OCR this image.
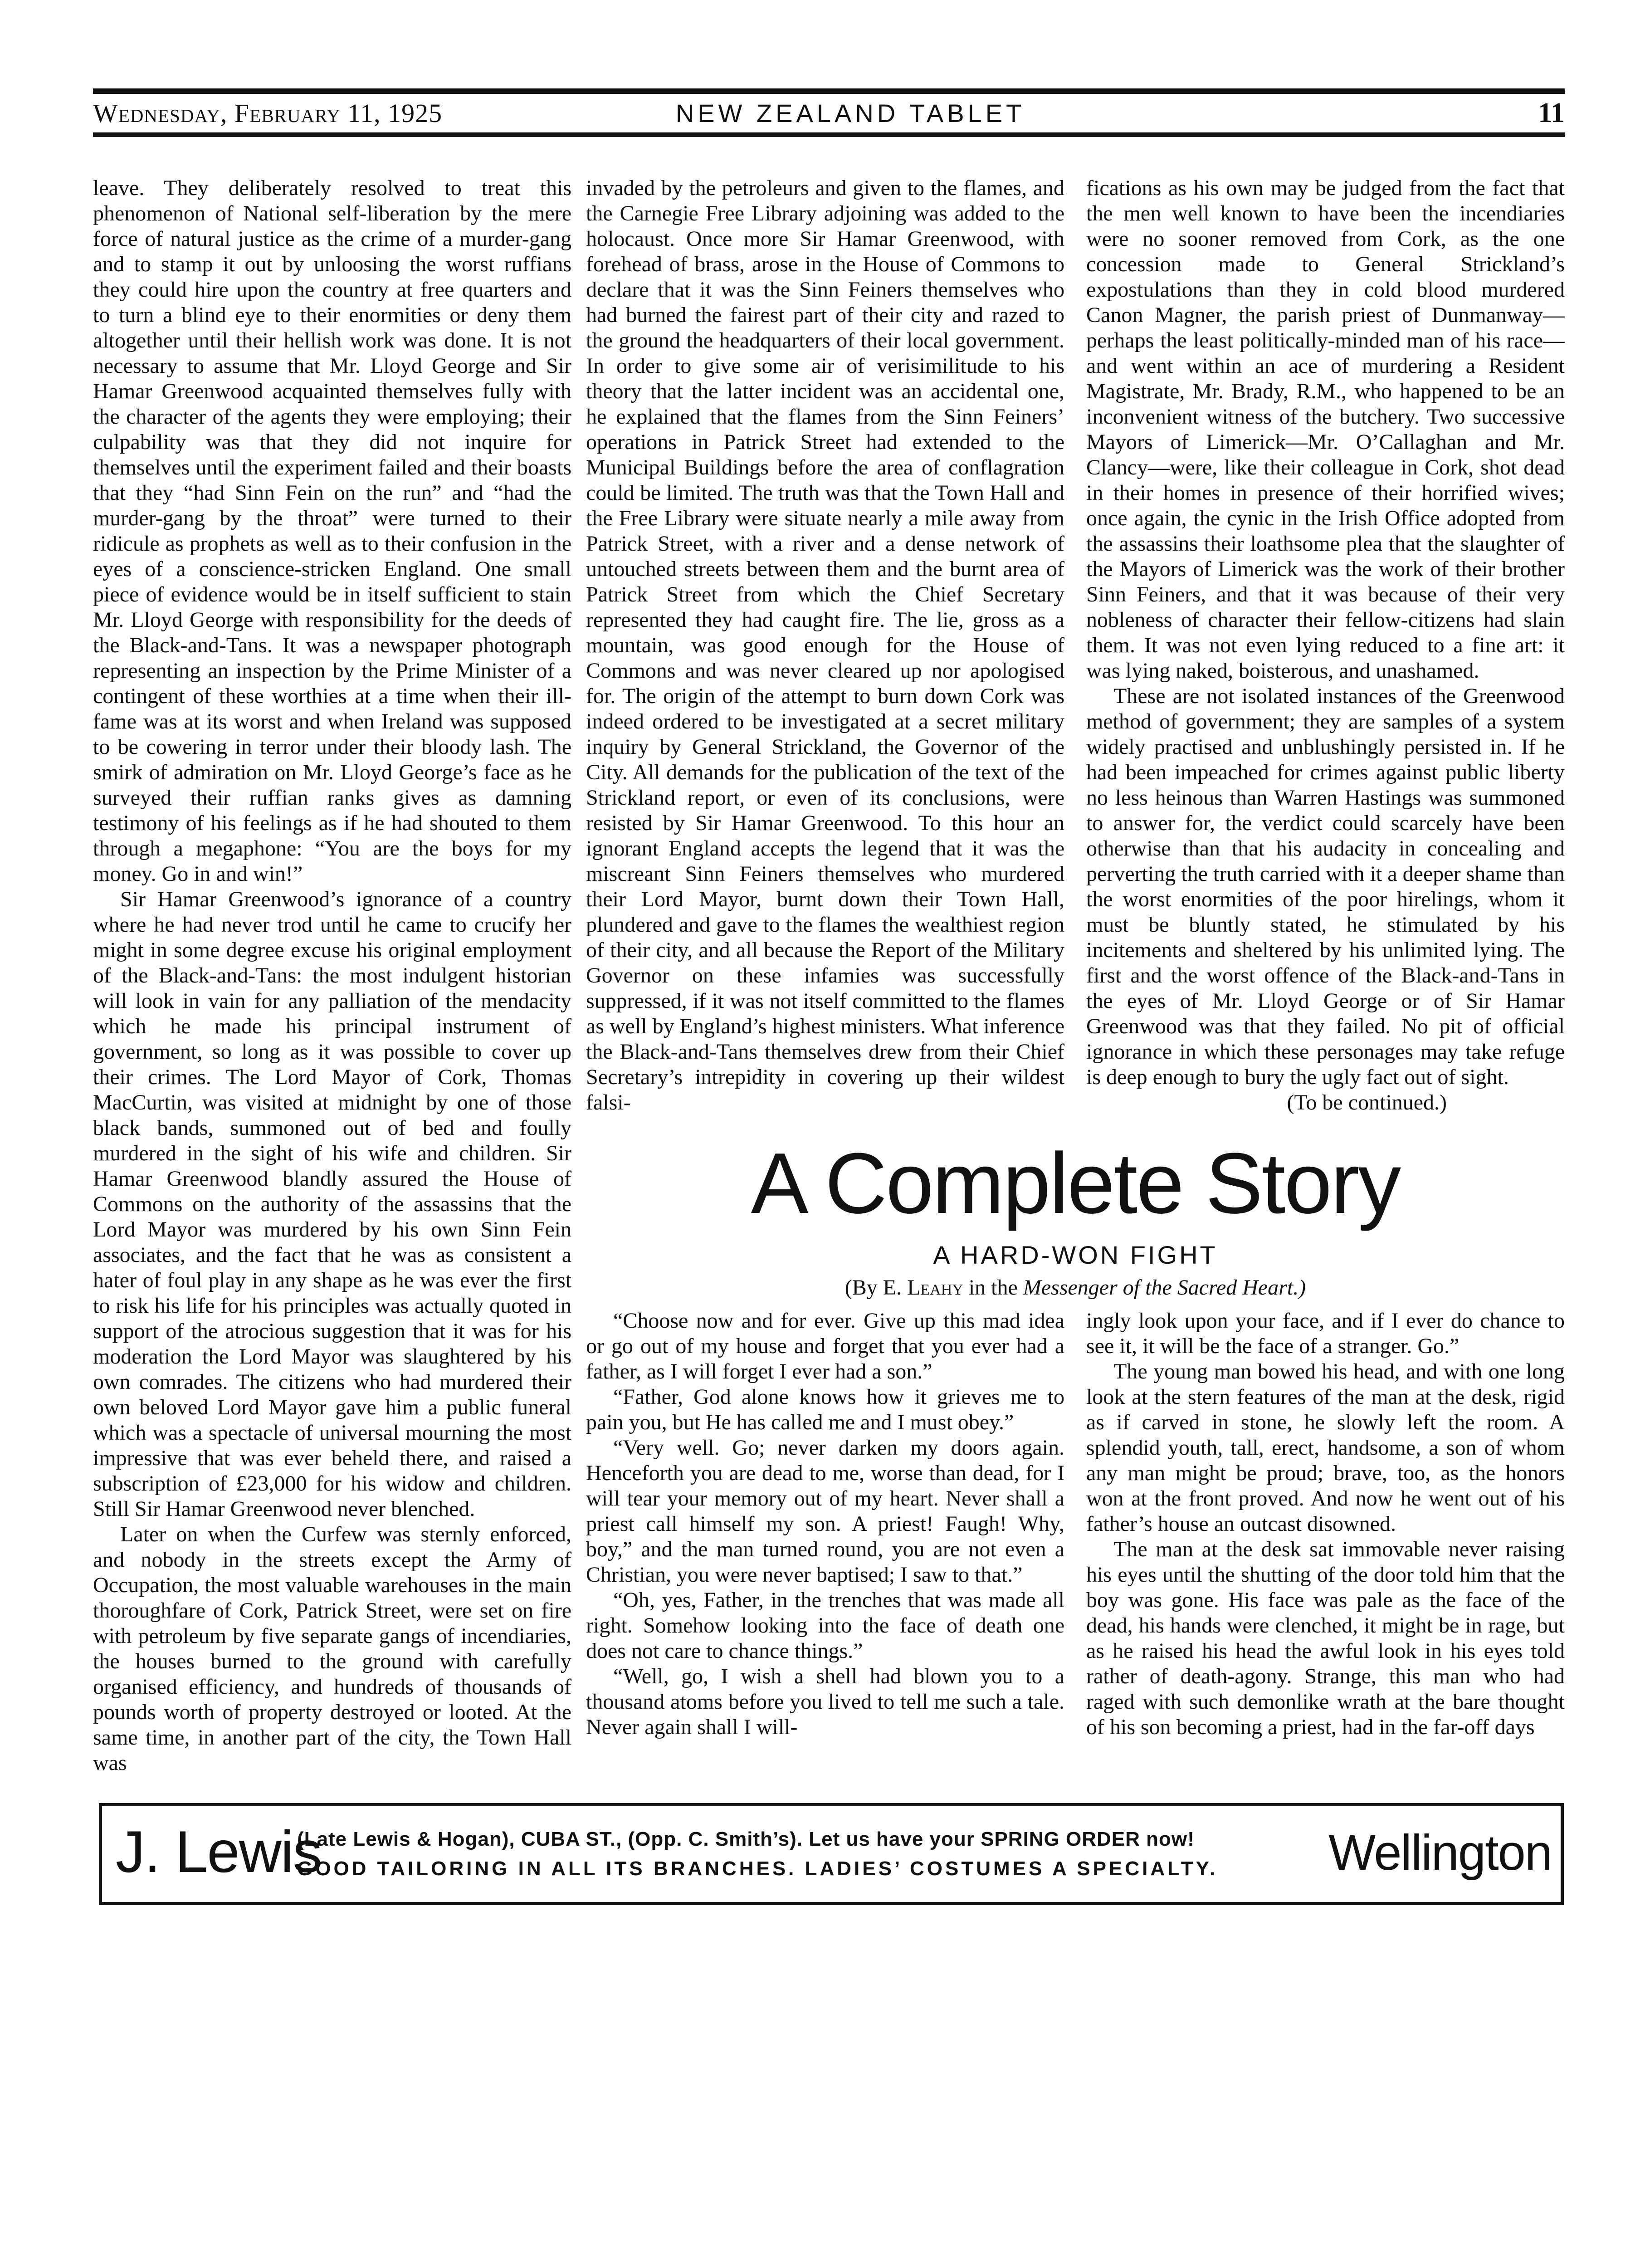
Wednesday, February 11, 1925	NEW ZEALAND TABLET	11

leave. They deliberately resolved to treat this phenomenon of National self-liberation by the mere force of natural justice as the crime of a murder-gang and to stamp it out by unloosing the worst ruffians they could hire upon the country at free quarters and to turn a blind eye to their enormities or deny them altogether until their hellish work was done. It is not necessary to assume that Mr. Lloyd George and Sir Hamar Greenwood acquainted themselves fully with the character of the agents they were employing; their culpability was that they did not inquire for themselves until the experiment failed and their boasts that they “had Sinn Fein on the run” and “had the murder-gang by the throat” were turned to their ridicule as prophets as well as to their confusion in the eyes of a conscience-stricken England. One small piece of evidence would be in itself sufficient to stain Mr. Lloyd George with responsibility for the deeds of the Black-and-Tans. It was a newspaper photograph representing an inspection by the Prime Minister of a contingent of these worthies at a time when their ill-fame was at its worst and when Ireland was supposed to be cowering in terror under their bloody lash. The smirk of admiration on Mr. Lloyd George’s face as he surveyed their ruffian ranks gives as damning testimony of his feelings as if he had shouted to them through a megaphone: “You are the boys for my money. Go in and win!”

Sir Hamar Greenwood’s ignorance of a country where he had never trod until he came to crucify her might in some degree excuse his original employment of the Black-and-Tans: the most indulgent historian will look in vain for any palliation of the mendacity which he made his principal instrument of government, so long as it was possible to cover up their crimes. The Lord Mayor of Cork, Thomas MacCurtin, was visited at midnight by one of those black bands, summoned out of bed and foully murdered in the sight of his wife and children. Sir Hamar Greenwood blandly assured the House of Commons on the authority of the assassins that the Lord Mayor was murdered by his own Sinn Fein associates, and the fact that he was as consistent a hater of foul play in any shape as he was ever the first to risk his life for his principles was actually quoted in support of the atrocious suggestion that it was for his moderation the Lord Mayor was slaughtered by his own comrades. The citizens who had murdered their own beloved Lord Mayor gave him a public funeral which was a spectacle of universal mourning the most impressive that was ever beheld there, and raised a subscription of £23,000 for his widow and children. Still Sir Hamar Greenwood never blenched.

Later on when the Curfew was sternly enforced, and nobody in the streets except the Army of Occupation, the most valuable warehouses in the main thoroughfare of Cork, Patrick Street, were set on fire with petroleum by five separate gangs of incendiaries, the houses burned to the ground with carefully organised efficiency, and hundreds of thousands of pounds worth of property destroyed or looted. At the same time, in another part of the city, the Town Hall was

invaded by the petroleurs and given to the flames, and the Carnegie Free Library adjoining was added to the holocaust. Once more Sir Hamar Greenwood, with forehead of brass, arose in the House of Commons to declare that it was the Sinn Feiners themselves who had burned the fairest part of their city and razed to the ground the headquarters of their local government. In order to give some air of verisimilitude to his theory that the latter incident was an accidental one, he explained that the flames from the Sinn Feiners’ operations in Patrick Street had extended to the Municipal Buildings before the area of conflagration could be limited. The truth was that the Town Hall and the Free Library were situate nearly a mile away from Patrick Street, with a river and a dense network of untouched streets between them and the burnt area of Patrick Street from which the Chief Secretary represented they had caught fire. The lie, gross as a mountain, was good enough for the House of Commons and was never cleared up nor apologised for. The origin of the attempt to burn down Cork was indeed ordered to be investigated at a secret military inquiry by General Strickland, the Governor of the City. All demands for the publication of the text of the Strickland report, or even of its conclusions, were resisted by Sir Hamar Greenwood. To this hour an ignorant England accepts the legend that it was the miscreant Sinn Feiners themselves who murdered their Lord Mayor, burnt down their Town Hall, plundered and gave to the flames the wealthiest region of their city, and all because the Report of the Military Governor on these infamies was successfully suppressed, if it was not itself committed to the flames as well by England’s highest ministers. What inference the Black-and-Tans themselves drew from their Chief Secretary’s intrepidity in covering up their wildest falsi-

fications as his own may be judged from the fact that the men well known to have been the incendiaries were no sooner removed from Cork, as the one concession made to General Strickland’s expostulations than they in cold blood murdered Canon Magner, the parish priest of Dunmanway—perhaps the least politically-minded man of his race—and went within an ace of murdering a Resident Magistrate, Mr. Brady, R.M., who happened to be an inconvenient witness of the butchery. Two successive Mayors of Limerick—Mr. O’Callaghan and Mr. Clancy—were, like their colleague in Cork, shot dead in their homes in presence of their horrified wives; once again, the cynic in the Irish Office adopted from the assassins their loathsome plea that the slaughter of the Mayors of Limerick was the work of their brother Sinn Feiners, and that it was because of their very nobleness of character their fellow-citizens had slain them. It was not even lying reduced to a fine art: it was lying naked, boisterous, and unashamed.

These are not isolated instances of the Greenwood method of government; they are samples of a system widely practised and unblushingly persisted in. If he had been impeached for crimes against public liberty no less heinous than Warren Hastings was summoned to answer for, the verdict could scarcely have been otherwise than that his audacity in concealing and perverting the truth carried with it a deeper shame than the worst enormities of the poor hirelings, whom it must be bluntly stated, he stimulated by his incitements and sheltered by his unlimited lying. The first and the worst offence of the Black-and-Tans in the eyes of Mr. Lloyd George or of Sir Hamar Greenwood was that they failed. No pit of official ignorance in which these personages may take refuge is deep enough to bury the ugly fact out of sight.

(To be continued.)

A Complete Story
A HARD-WON FIGHT
(By E. Leahy in the Messenger of the Sacred Heart.)

“Choose now and for ever. Give up this mad idea or go out of my house and forget that you ever had a father, as I will forget I ever had a son.”

“Father, God alone knows how it grieves me to pain you, but He has called me and I must obey.”

“Very well. Go; never darken my doors again. Henceforth you are dead to me, worse than dead, for I will tear your memory out of my heart. Never shall a priest call himself my son. A priest! Faugh! Why, boy,” and the man turned round, you are not even a Christian, you were never baptised; I saw to that.”

“Oh, yes, Father, in the trenches that was made all right. Somehow looking into the face of death one does not care to chance things.”

“Well, go, I wish a shell had blown you to a thousand atoms before you lived to tell me such a tale. Never again shall I will-

ingly look upon your face, and if I ever do chance to see it, it will be the face of a stranger. Go.”

The young man bowed his head, and with one long look at the stern features of the man at the desk, rigid as if carved in stone, he slowly left the room. A splendid youth, tall, erect, handsome, a son of whom any man might be proud; brave, too, as the honors won at the front proved. And now he went out of his father’s house an outcast disowned.

The man at the desk sat immovable never raising his eyes until the shutting of the door told him that the boy was gone. His face was pale as the face of the dead, his hands were clenched, it might be in rage, but as he raised his head the awful look in his eyes told rather of death-agony. Strange, this man who had raged with such demonlike wrath at the bare thought of his son becoming a priest, had in the far-off days

J. Lewis
(Late Lewis & Hogan), CUBA ST., (Opp. C. Smith’s). Let us have your SPRING ORDER now!
GOOD TAILORING IN ALL ITS BRANCHES. LADIES’ COSTUMES A SPECIALTY. Wellington
